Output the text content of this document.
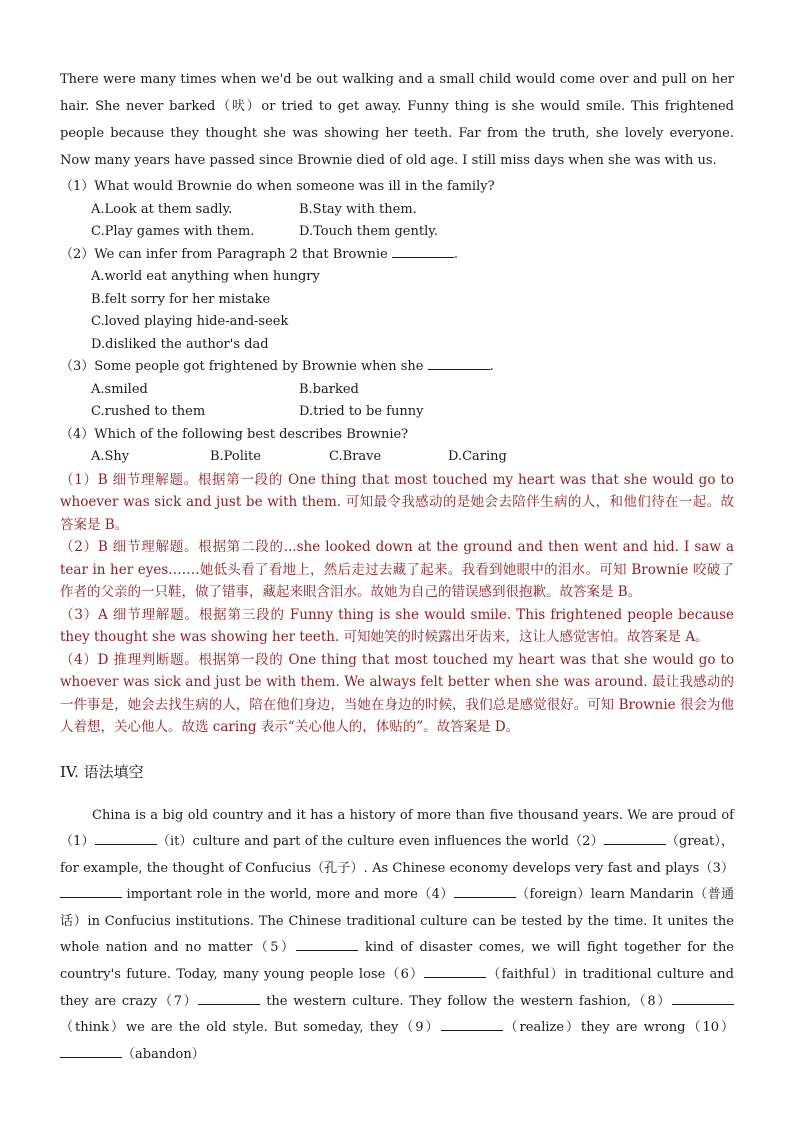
There were many times when we'd be out walking and a small child would come over and pull on her hair. She never barked（吠）or tried to get away. Funny thing is she would smile. This frightened people because they thought she was showing her teeth. Far from the truth, she lovely everyone. Now many years have passed since Brownie died of old age. I still miss days when she was with us.

（1）What would Brownie do when someone was ill in the family?

A.Look at them sadly.	B.Stay with them.
C.Play games with them.	D.Touch them gently.

（2）We can infer from Paragraph 2 that Brownie	.

A.world eat anything when hungry

B.felt sorry for her mistake

C.loved playing hide-and-seek

D.disliked the author's dad

（3）Some people got frightened by Brownie when she	.

A.smiled	B.barked
C.rushed to them	D.tried to be funny

（4）Which of the following best describes Brownie?

A.Shy	B.Polite	C.Brave	D.Caring

（1）B 细节理解题。根据第一段的 One thing that most touched my heart was that she would go to whoever was sick and just be with them. 可知最令我感动的是她会去陪伴生病的人，和他们待在一起。故答案是 B。

（2）B 细节理解题。根据第二段的...she looked down at the ground and then went and hid. I saw a tear in her eyes.……她低头看了看地上，然后走过去藏了起来。我看到她眼中的泪水。可知 Brownie 咬破了作者的父亲的一只鞋，做了错事，藏起来眼含泪水。故她为自己的错误感到很抱歉。故答案是 B。

（3）A 细节理解题。根据第三段的 Funny thing is she would smile. This frightened people because they thought she was showing her teeth. 可知她笑的时候露出牙齿来，这让人感觉害怕。故答案是 A。

（4）D 推理判断题。根据第一段的 One thing that most touched my heart was that she would go to whoever was sick and just be with them. We always felt better when she was around. 最让我感动的一件事是，她会去找生病的人，陪在他们身边，当她在身边的时候，我们总是感觉很好。可知 Brownie 很会为他人着想，关心他人。故选 caring 表示“关心他人的，体贴的”。故答案是 D。

IV. 语法填空

China is a big old country and it has a history of more than five thousand years. We are proud of （1）	（it）culture and part of the culture even influences the world（2）	（great），for example, the thought of Confucius（孔子）. As Chinese economy develops very fast and plays（3） important role in the world, more and more（4）	（foreign）learn Mandarin（普通话）in Confucius institutions. The Chinese traditional culture can be tested by the time. It unites the whole nation and no matter（5）	kind of disaster comes, we will fight together for the country's future. Today, many young people lose（6）	（faithful）in traditional culture and they are crazy（7）	the western culture. They follow the western fashion,（8）（think）we are the old style. But someday, they（9）	（realize）they are wrong（10）（abandon）
